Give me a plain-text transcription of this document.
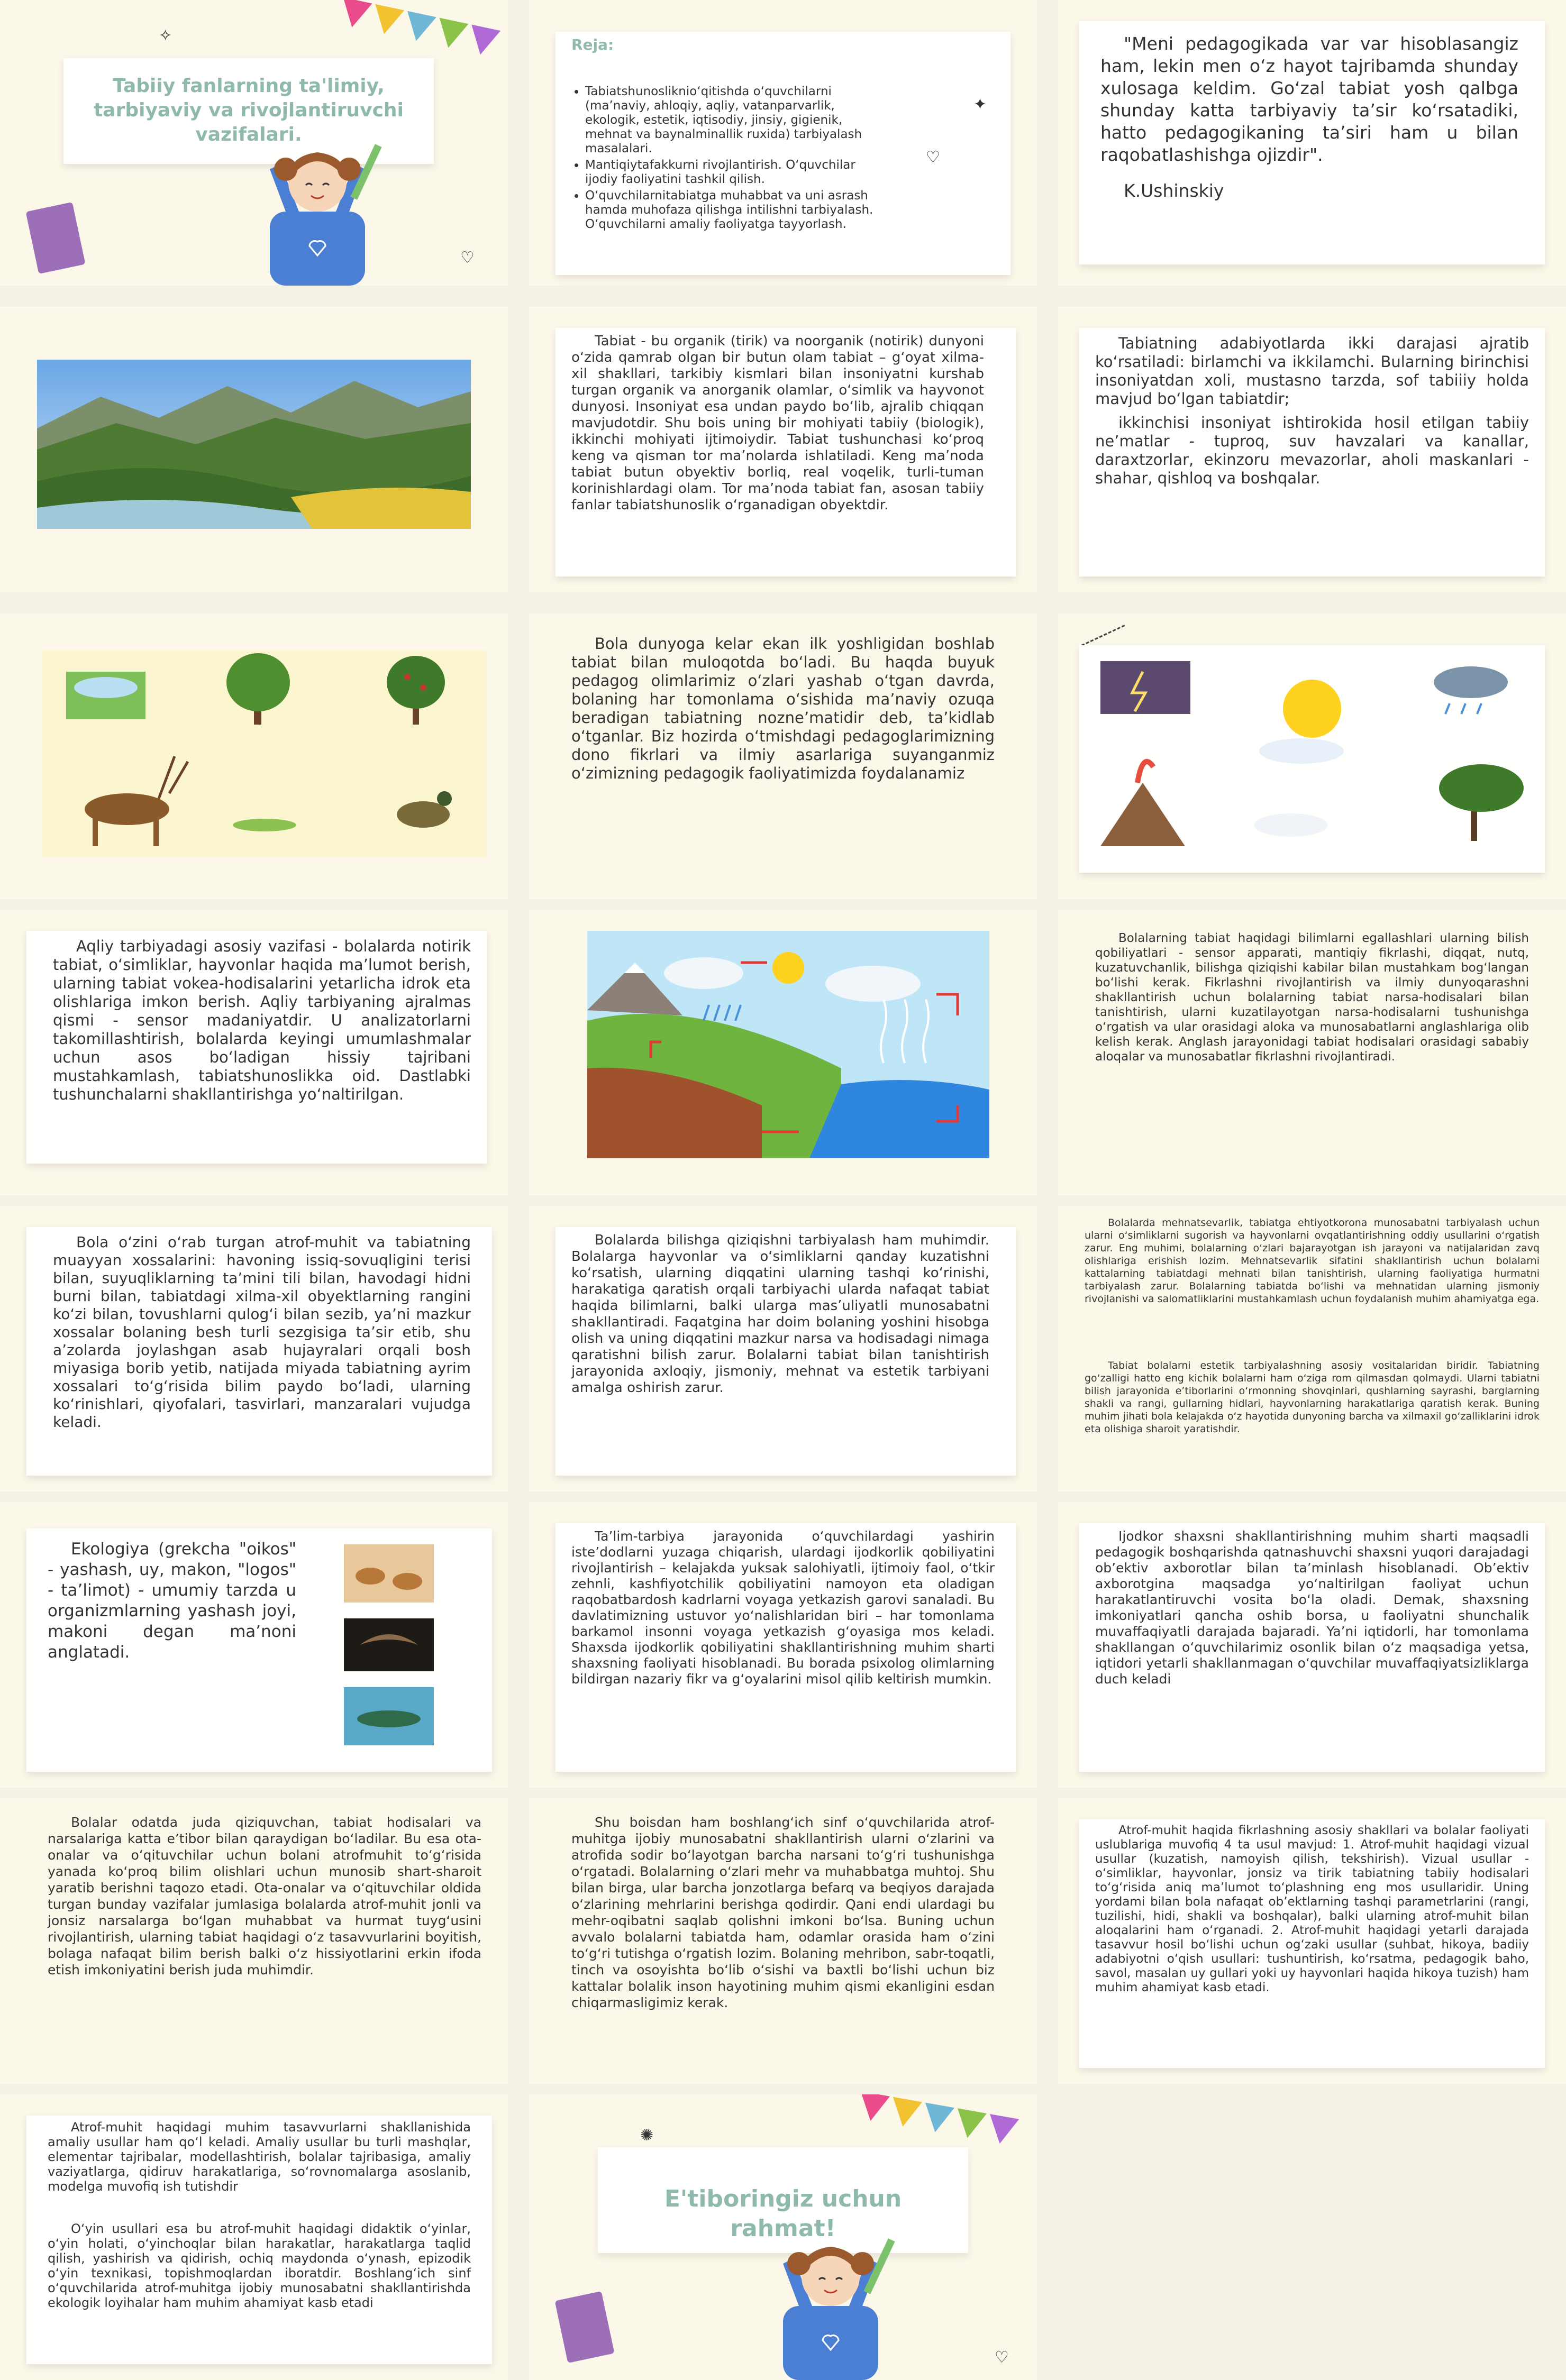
Tabiiy fanlarning ta'limiy, tarbiyaviy va rivojlantiruvchi vazifalari.
✧
♡
Reja:
• Tabiatshunosliknio‘qitishda o‘quvchilarni (ma’naviy, ahloqiy, aqliy, vatanparvarlik, ekologik, estetik, iqtisodiy, jinsiy, gigienik, mehnat va baynalminallik ruxida) tarbiyalash masalalari.
• Mantiqiytafakkurni rivojlantirish. O‘quvchilar ijodiy faoliyatini tashkil qilish.
• O‘quvchilarnitabiatga muhabbat va uni asrash hamda muhofaza qilishga intilishni tarbiyalash. O‘quvchilarni amaliy faoliyatga tayyorlash.
♡
✦

"Meni pedagogikada var var hisoblasangiz ham, lekin men o‘z hayot tajribamda shunday xulosaga keldim. Go‘zal tabiat yosh qalbga shunday katta tarbiyaviy ta’sir ko‘rsatadiki, hatto pedagogikaning ta’siri ham u bilan raqobatlashishga ojizdir".

K.Ushinskiy

Tabiat - bu organik (tirik) va noorganik (notirik) dunyoni o‘zida qamrab olgan bir butun olam tabiat – g‘oyat xilma-xil shakllari, tarkibiy kismlari bilan insoniyatni kurshab turgan organik va anorganik olamlar, o‘simlik va hayvonot dunyosi. Insoniyat esa undan paydo bo‘lib, ajralib chiqqan mavjudotdir. Shu bois uning bir mohiyati tabiiy (biologik), ikkinchi mohiyati ijtimoiydir. Tabiat tushunchasi ko‘proq keng va qisman tor ma’nolarda ishlatiladi. Keng ma’noda tabiat butun obyektiv borliq, real voqelik, turli-tuman korinishlardagi olam. Tor ma’noda tabiat fan, asosan tabiiy fanlar tabiatshunoslik o‘rganadigan obyektdir.

Tabiatning adabiyotlarda ikki darajasi ajratib ko‘rsatiladi: birlamchi va ikkilamchi. Bularning birinchisi insoniyatdan xoli, mustasno tarzda, sof tabiiiy holda mavjud bo‘lgan tabiatdir;

ikkinchisi insoniyat ishtirokida hosil etilgan tabiiy ne’matlar - tuproq, suv havzalari va kanallar, daraxtzorlar, ekinzoru mevazorlar, aholi maskanlari - shahar, qishloq va boshqalar.

Bola dunyoga kelar ekan ilk yoshligidan boshlab tabiat bilan muloqotda bo‘ladi. Bu haqda buyuk pedagog olimlarimiz o‘zlari yashab o‘tgan davrda, bolaning har tomonlama o‘sishida ma’naviy ozuqa beradigan tabiatning nozne’matidir deb, ta’kidlab o‘tganlar. Biz hozirda o‘tmishdagi pedagoglarimizning dono fikrlari va ilmiy asarlariga suyanganmiz o‘zimizning pedagogik faoliyatimizda foydalanamiz

Aqliy tarbiyadagi asosiy vazifasi - bolalarda notirik tabiat, o‘simliklar, hayvonlar haqida ma’lumot berish, ularning tabiat vokea-hodisalarini yetarlicha idrok eta olishlariga imkon berish. Aqliy tarbiyaning ajralmas qismi - sensor madaniyatdir. U analizatorlarni takomillashtirish, bolalarda keyingi umumlashmalar uchun asos bo‘ladigan hissiy tajribani mustahkamlash, tabiatshunoslikka oid. Dastlabki tushunchalarni shakllantirishga yo‘naltirilgan.

Bolalarning tabiat haqidagi bilimlarni egallashlari ularning bilish qobiliyatlari - sensor apparati, mantiqiy fikrlashi, diqqat, nutq, kuzatuvchanlik, bilishga qiziqishi kabilar bilan mustahkam bog‘langan bo‘lishi kerak. Fikrlashni rivojlantirish va ilmiy dunyoqarashni shakllantirish uchun bolalarning tabiat narsa-hodisalari bilan tanishtirish, ularni kuzatilayotgan narsa-hodisalarni tushunishga o‘rgatish va ular orasidagi aloka va munosabatlarni anglashlariga olib kelish kerak. Anglash jarayonidagi tabiat hodisalari orasidagi sababiy aloqalar va munosabatlar fikrlashni rivojlantiradi.

Bola o‘zini o‘rab turgan atrof-muhit va tabiatning muayyan xossalarini: havoning issiq-sovuqligini terisi bilan, suyuqliklarning ta’mini tili bilan, havodagi hidni burni bilan, tabiatdagi xilma-xil obyektlarning rangini ko‘zi bilan, tovushlarni qulog‘i bilan sezib, ya’ni mazkur xossalar bolaning besh turli sezgisiga ta’sir etib, shu a’zolarda joylashgan asab hujayralari orqali bosh miyasiga borib yetib, natijada miyada tabiatning ayrim xossalari to‘g‘risida bilim paydo bo‘ladi, ularning ko‘rinishlari, qiyofalari, tasvirlari, manzaralari vujudga keladi.

Bolalarda bilishga qiziqishni tarbiyalash ham muhimdir. Bolalarga hayvonlar va o‘simliklarni qanday kuzatishni ko‘rsatish, ularning diqqatini ularning tashqi ko‘rinishi, harakatiga qaratish orqali tarbiyachi ularda nafaqat tabiat haqida bilimlarni, balki ularga mas’uliyatli munosabatni shakllantiradi. Faqatgina har doim bolaning yoshini hisobga olish va uning diqqatini mazkur narsa va hodisadagi nimaga qaratishni bilish zarur. Bolalarni tabiat bilan tanishtirish jarayonida axloqiy, jismoniy, mehnat va estetik tarbiyani amalga oshirish zarur.

Bolalarda mehnatsevarlik, tabiatga ehtiyotkorona munosabatni tarbiyalash uchun ularni o‘simliklarni sugorish va hayvonlarni ovqatlantirishning oddiy usullarini o‘rgatish zarur. Eng muhimi, bolalarning o‘zlari bajarayotgan ish jarayoni va natijalaridan zavq olishlariga erishish lozim. Mehnatsevarlik sifatini shakllantirish uchun bolalarni kattalarning tabiatdagi mehnati bilan tanishtirish, ularning faoliyatiga hurmatni tarbiyalash zarur. Bolalarning tabiatda bo‘lishi va mehnatidan ularning jismoniy rivojlanishi va salomatliklarini mustahkamlash uchun foydalanish muhim ahamiyatga ega.

Tabiat bolalarni estetik tarbiyalashning asosiy vositalaridan biridir. Tabiatning go‘zalligi hatto eng kichik bolalarni ham o‘ziga rom qilmasdan qolmaydi. Ularni tabiatni bilish jarayonida e’tiborlarini o‘rmonning shovqinlari, qushlarning sayrashi, barglarning shakli va rangi, gullarning hidlari, hayvonlarning harakatlariga qaratish kerak. Buning muhim jihati bola kelajakda o‘z hayotida dunyoning barcha va xilmaxil go‘zalliklarini idrok eta olishiga sharoit yaratishdir.

Ekologiya (grekcha "oikos" - yashash, uy, makon, "logos" - ta’limot) - umumiy tarzda u organizmlarning yashash joyi, makoni degan ma’noni anglatadi.

Ta’lim-tarbiya jarayonida o‘quvchilardagi yashirin iste’dodlarni yuzaga chiqarish, ulardagi ijodkorlik qobiliyatini rivojlantirish – kelajakda yuksak salohiyatli, ijtimoiy faol, o‘tkir zehnli, kashfiyotchilik qobiliyatini namoyon eta oladigan raqobatbardosh kadrlarni voyaga yetkazish garovi sanaladi. Bu davlatimizning ustuvor yo‘nalishlaridan biri – har tomonlama barkamol insonni voyaga yetkazish g‘oyasiga mos keladi. Shaxsda ijodkorlik qobiliyatini shakllantirishning muhim sharti shaxsning faoliyati hisoblanadi. Bu borada psixolog olimlarning bildirgan nazariy fikr va g‘oyalarini misol qilib keltirish mumkin.

Ijodkor shaxsni shakllantirishning muhim sharti maqsadli pedagogik boshqarishda qatnashuvchi shaxsni yuqori darajadagi ob’ektiv axborotlar bilan ta’minlash hisoblanadi. Ob’ektiv axborotgina maqsadga yo‘naltirilgan faoliyat uchun harakatlantiruvchi vosita bo‘la oladi. Demak, shaxsning imkoniyatlari qancha oshib borsa, u faoliyatni shunchalik muvaffaqiyatli darajada bajaradi. Ya’ni iqtidorli, har tomonlama shakllangan o‘quvchilarimiz osonlik bilan o‘z maqsadiga yetsa, iqtidori yetarli shakllanmagan o‘quvchilar muvaffaqiyatsizliklarga duch keladi

Bolalar odatda juda qiziquvchan, tabiat hodisalari va narsalariga katta e’tibor bilan qaraydigan bo‘ladilar. Bu esa ota-onalar va o‘qituvchilar uchun bolani atrofmuhit to‘g‘risida yanada ko‘proq bilim olishlari uchun munosib shart-sharoit yaratib berishni taqozo etadi. Ota-onalar va o‘qituvchilar oldida turgan bunday vazifalar jumlasiga bolalarda atrof-muhit jonli va jonsiz narsalarga bo‘lgan muhabbat va hurmat tuyg‘usini rivojlantirish, ularning tabiat haqidagi o‘z tasavvurlarini boyitish, bolaga nafaqat bilim berish balki o‘z hissiyotlarini erkin ifoda etish imkoniyatini berish juda muhimdir.

Shu boisdan ham boshlang‘ich sinf o‘quvchilarida atrof-muhitga ijobiy munosabatni shakllantirish ularni o‘zlarini va atrofida sodir bo‘layotgan barcha narsani to‘g‘ri tushunishga o‘rgatadi. Bolalarning o‘zlari mehr va muhabbatga muhtoj. Shu bilan birga, ular barcha jonzotlarga befarq va beqiyos darajada o‘zlarining mehrlarini berishga qodirdir. Qani endi ulardagi bu mehr-oqibatni saqlab qolishni imkoni bo‘lsa. Buning uchun avvalo bolalarni tabiatda ham, odamlar orasida ham o‘zini to‘g‘ri tutishga o‘rgatish lozim. Bolaning mehribon, sabr-toqatli, tinch va osoyishta bo‘lib o‘sishi va baxtli bo‘lishi uchun biz kattalar bolalik inson hayotining muhim qismi ekanligini esdan chiqarmasligimiz kerak.

Atrof-muhit haqida fikrlashning asosiy shakllari va bolalar faoliyati uslublariga muvofiq 4 ta usul mavjud: 1. Atrof-muhit haqidagi vizual usullar (kuzatish, namoyish qilish, tekshirish). Vizual usullar - o‘simliklar, hayvonlar, jonsiz va tirik tabiatning tabiiy hodisalari to‘g‘risida aniq ma’lumot to‘plashning eng mos usullaridir. Uning yordami bilan bola nafaqat ob’ektlarning tashqi parametrlarini (rangi, tuzilishi, hidi, shakli va boshqalar), balki ularning atrof-muhit bilan aloqalarini ham o‘rganadi. 2. Atrof-muhit haqidagi yetarli darajada tasavvur hosil bo‘lishi uchun og‘zaki usullar (suhbat, hikoya, badiiy adabiyotni o‘qish usullari: tushuntirish, ko‘rsatma, pedagogik baho, savol, masalan uy gullari yoki uy hayvonlari haqida hikoya tuzish) ham muhim ahamiyat kasb etadi.

Atrof-muhit haqidagi muhim tasavvurlarni shakllanishida amaliy usullar ham qo‘l keladi. Amaliy usullar bu turli mashqlar, elementar tajribalar, modellashtirish, bolalar tajribasiga, amaliy vaziyatlarga, qidiruv harakatlariga, so‘rovnomalarga asoslanib, modelga muvofiq ish tutishdir

O‘yin usullari esa bu atrof-muhit haqidagi didaktik o‘yinlar, o‘yin holati, o‘yinchoqlar bilan harakatlar, harakatlarga taqlid qilish, yashirish va qidirish, ochiq maydonda o‘ynash, epizodik o‘yin texnikasi, topishmoqlardan iboratdir. Boshlang‘ich sinf o‘quvchilarida atrof-muhitga ijobiy munosabatni shakllantirishda ekologik loyihalar ham muhim ahamiyat kasb etadi

E'tiboringiz uchun rahmat!
✺
♡
